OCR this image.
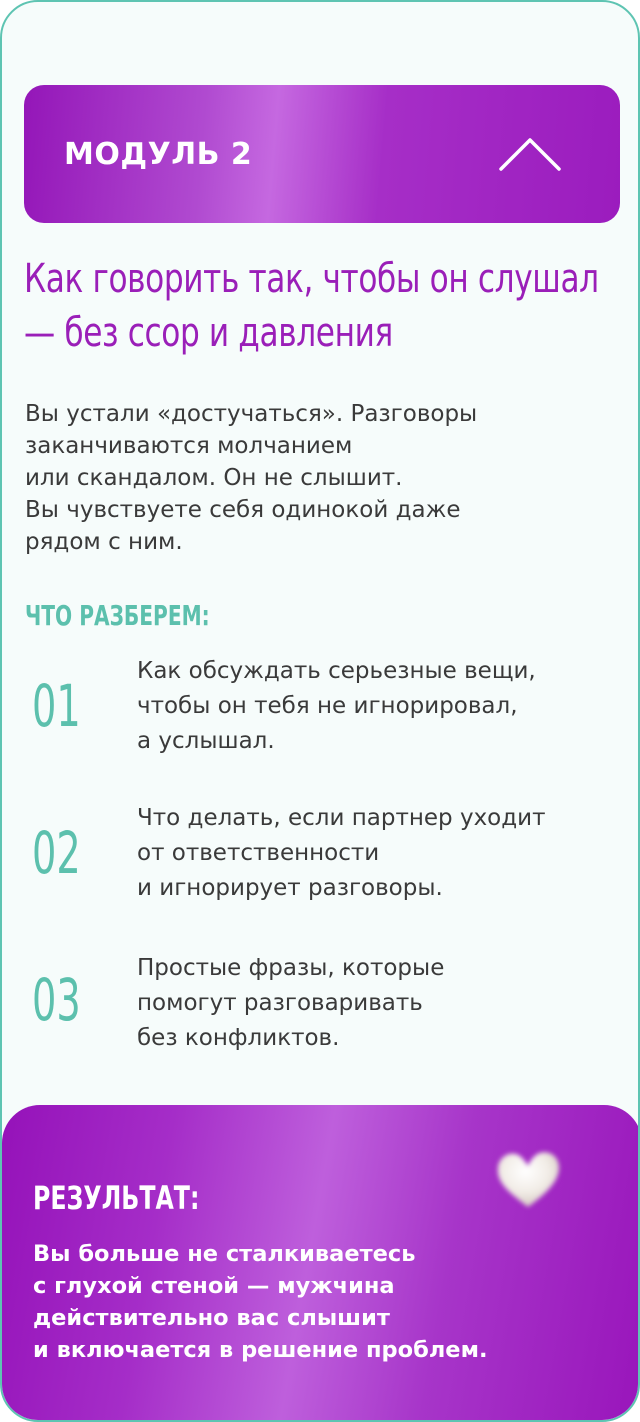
МОДУЛЬ 2
Как говорить так, чтобы он слушал — без ссор и давления

Вы устали «достучаться». Разговоры
заканчиваются молчанием
или скандалом. Он не слышит.
Вы чувствуете себя одинокой даже
рядом с ним.

ЧТО РАЗБЕРЕМ:
01

Как обсуждать серьезные вещи,
чтобы он тебя не игнорировал,
а услышал.

02

Что делать, если партнер уходит
от ответственности
и игнорирует разговоры.

03 Простые фразы, которые
помогут разговаривать
без конфликтов.

РЕЗУЛЬТАТ:

Вы больше не сталкиваетесь
с глухой стеной — мужчина
действительно вас слышит
и включается в решение проблем.
